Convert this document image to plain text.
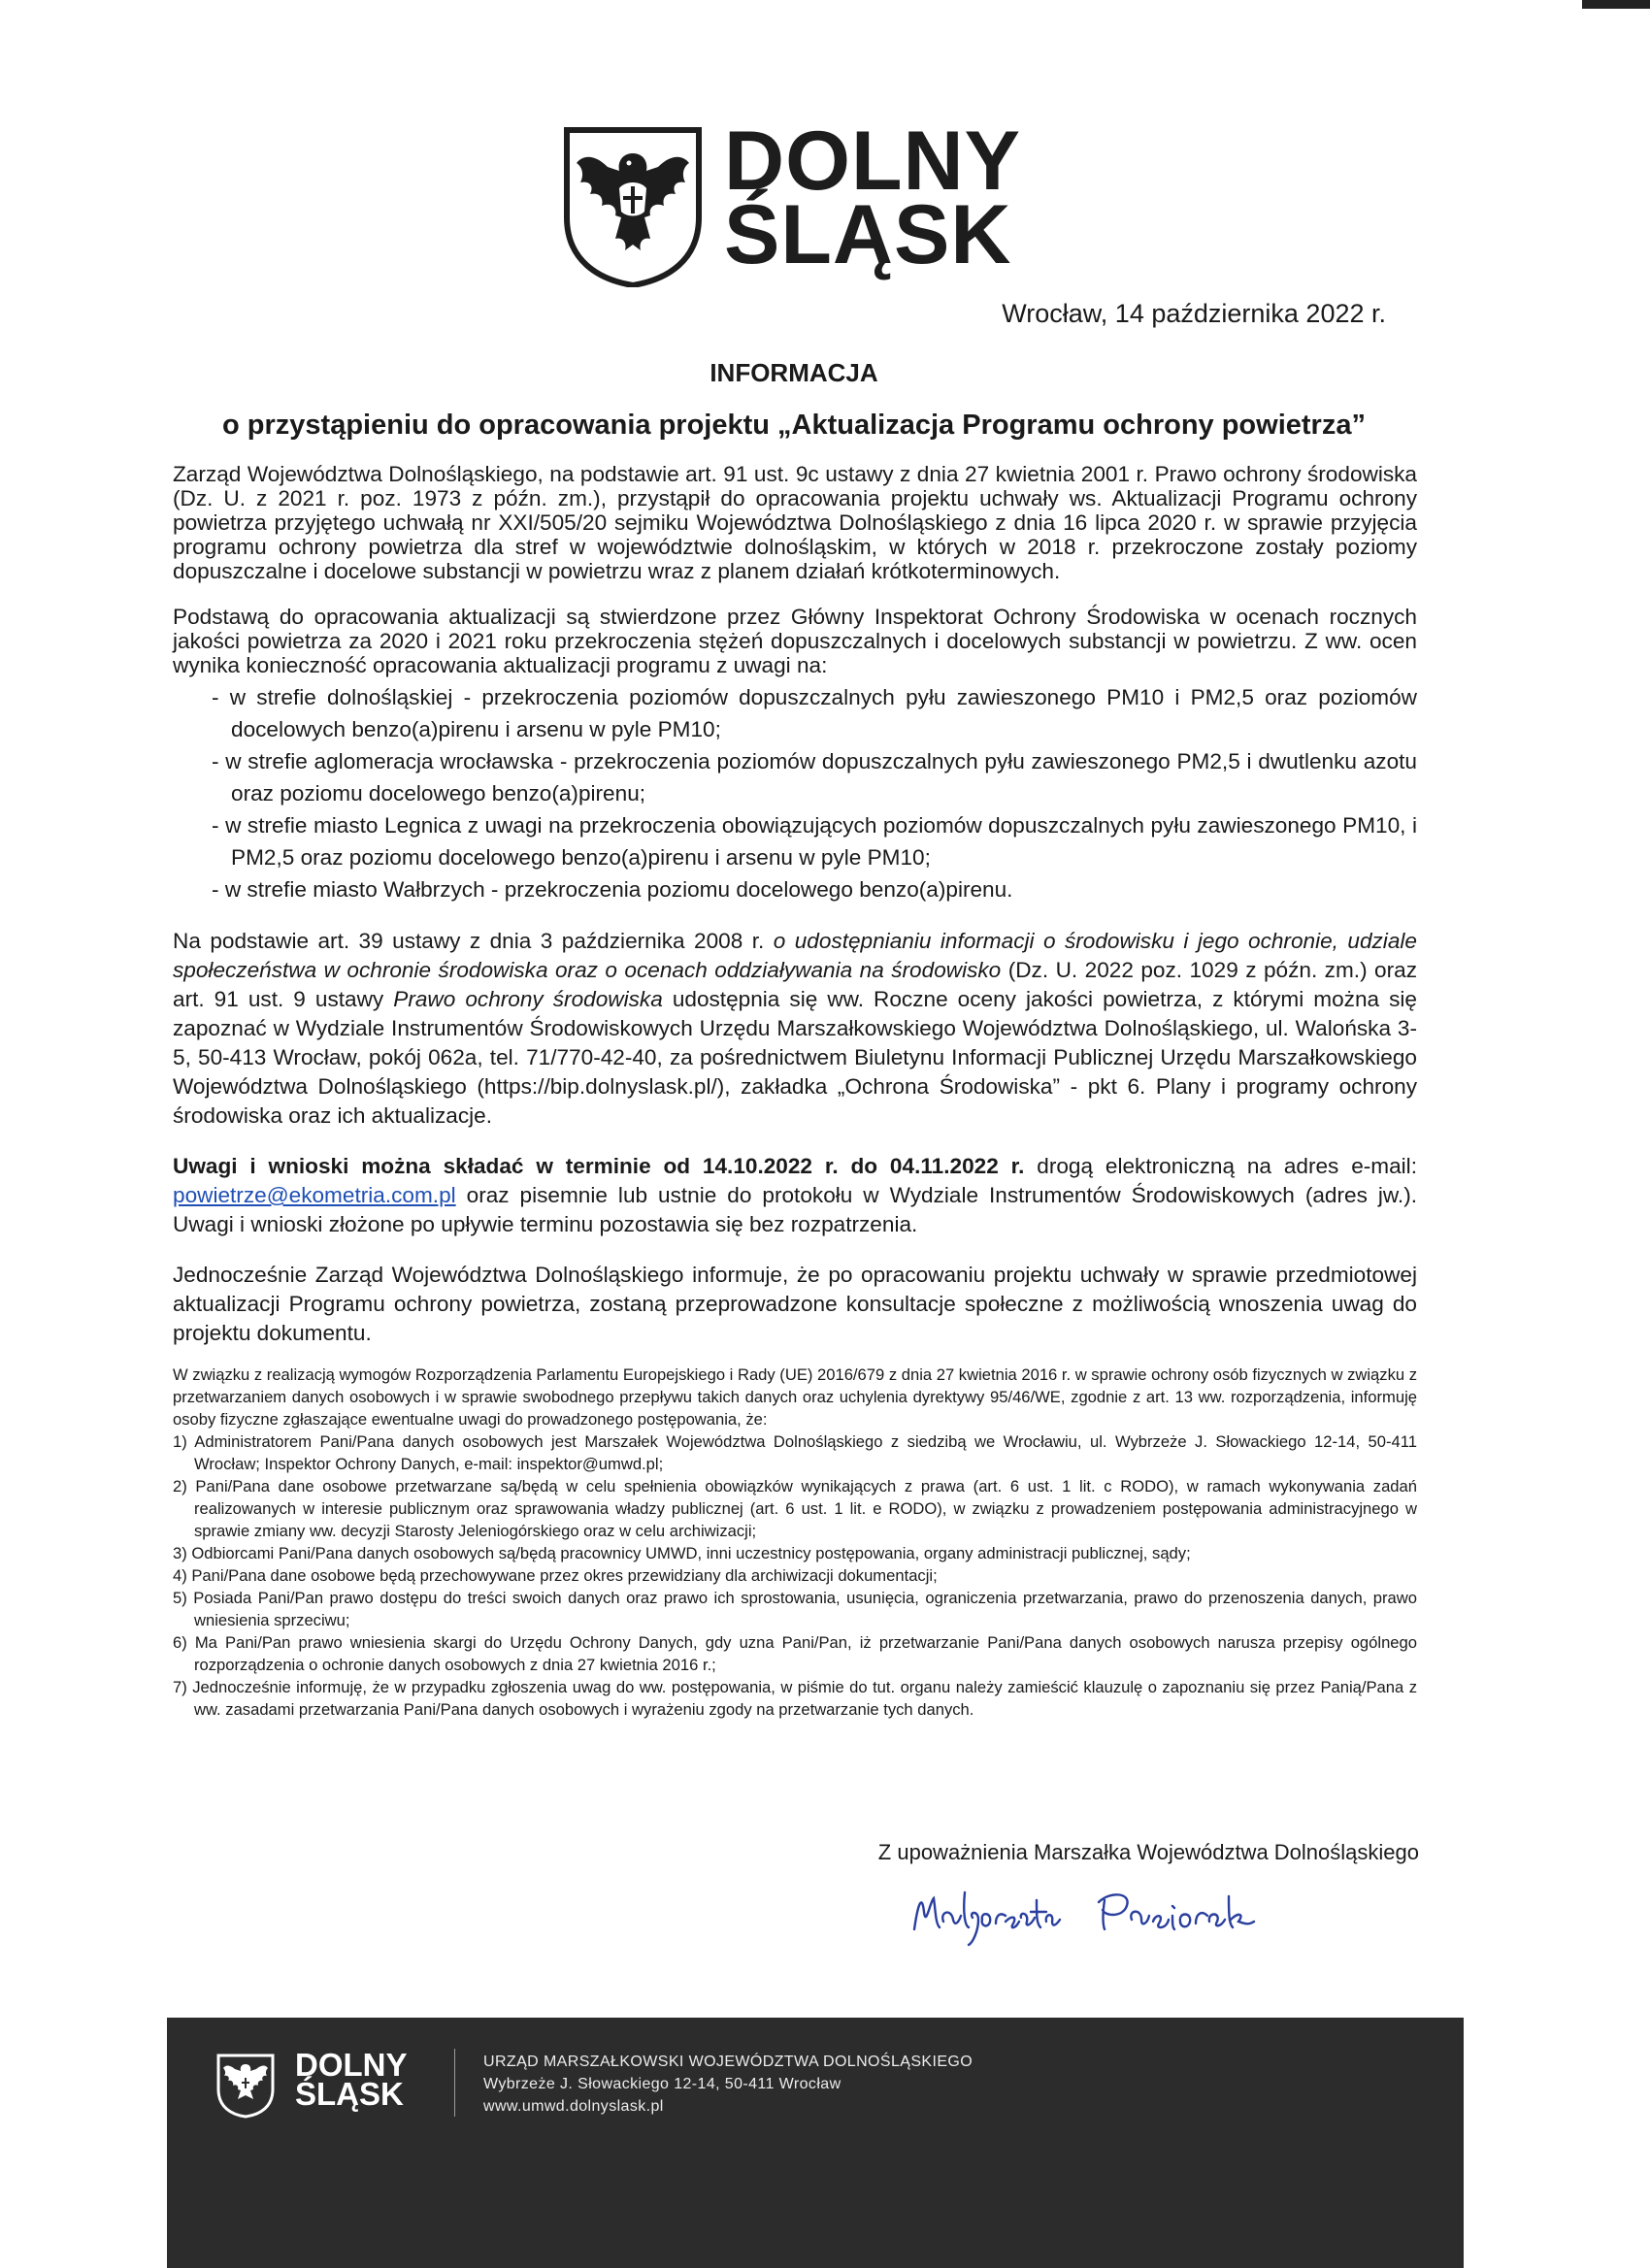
DOLNY
ŚLĄSK
Wrocław, 14 października 2022 r.
INFORMACJA
o przystąpieniu do opracowania projektu „Aktualizacja Programu ochrony powietrza”

Zarząd Województwa Dolnośląskiego, na podstawie art. 91 ust. 9c ustawy z dnia 27 kwietnia 2001 r. Prawo ochrony środowiska (Dz. U. z 2021 r. poz. 1973 z późn. zm.), przystąpił do opracowania projektu uchwały ws. Aktualizacji Programu ochrony powietrza przyjętego uchwałą nr XXI/505/20 sejmiku Województwa Dolnośląskiego z dnia 16 lipca 2020 r. w sprawie przyjęcia programu ochrony powietrza dla stref w województwie dolnośląskim, w których w 2018 r. przekroczone zostały poziomy dopuszczalne i docelowe substancji w powietrzu wraz z planem działań krótkoterminowych.

Podstawą do opracowania aktualizacji są stwierdzone przez Główny Inspektorat Ochrony Środowiska w ocenach rocznych jakości powietrza za 2020 i 2021 roku przekroczenia stężeń dopuszczalnych i docelowych substancji w powietrzu. Z ww. ocen wynika konieczność opracowania aktualizacji programu z uwagi na:

- w strefie dolnośląskiej - przekroczenia poziomów dopuszczalnych pyłu zawieszonego PM10 i PM2,5 oraz poziomów docelowych benzo(a)pirenu i arsenu w pyle PM10;
- w strefie aglomeracja wrocławska - przekroczenia poziomów dopuszczalnych pyłu zawieszonego PM2,5 i dwutlenku azotu oraz poziomu docelowego benzo(a)pirenu;
- w strefie miasto Legnica z uwagi na przekroczenia obowiązujących poziomów dopuszczalnych pyłu zawieszonego PM10, i PM2,5 oraz poziomu docelowego benzo(a)pirenu i arsenu w pyle PM10;
- w strefie miasto Wałbrzych - przekroczenia poziomu docelowego benzo(a)pirenu.

Na podstawie art. 39 ustawy z dnia 3 października 2008 r. o udostępnianiu informacji o środowisku i jego ochronie, udziale społeczeństwa w ochronie środowiska oraz o ocenach oddziaływania na środowisko (Dz. U. 2022 poz. 1029 z późn. zm.) oraz art. 91 ust. 9 ustawy Prawo ochrony środowiska udostępnia się ww. Roczne oceny jakości powietrza, z którymi można się zapoznać w Wydziale Instrumentów Środowiskowych Urzędu Marszałkowskiego Województwa Dolnośląskiego, ul. Walońska 3-5, 50-413 Wrocław, pokój 062a, tel. 71/770-42-40, za pośrednictwem Biuletynu Informacji Publicznej Urzędu Marszałkowskiego Województwa Dolnośląskiego (https://bip.dolnyslask.pl/), zakładka „Ochrona Środowiska” - pkt 6. Plany i programy ochrony środowiska oraz ich aktualizacje.

Uwagi i wnioski można składać w terminie od 14.10.2022 r. do 04.11.2022 r. drogą elektroniczną na adres e-mail: powietrze@ekometria.com.pl oraz pisemnie lub ustnie do protokołu w Wydziale Instrumentów Środowiskowych (adres jw.). Uwagi i wnioski złożone po upływie terminu pozostawia się bez rozpatrzenia.

Jednocześnie Zarząd Województwa Dolnośląskiego informuje, że po opracowaniu projektu uchwały w sprawie przedmiotowej aktualizacji Programu ochrony powietrza, zostaną przeprowadzone konsultacje społeczne z możliwością wnoszenia uwag do projektu dokumentu.

W związku z realizacją wymogów Rozporządzenia Parlamentu Europejskiego i Rady (UE) 2016/679 z dnia 27 kwietnia 2016 r. w sprawie ochrony osób fizycznych w związku z przetwarzaniem danych osobowych i w sprawie swobodnego przepływu takich danych oraz uchylenia dyrektywy 95/46/WE, zgodnie z art. 13 ww. rozporządzenia, informuję osoby fizyczne zgłaszające ewentualne uwagi do prowadzonego postępowania, że:

1) Administratorem Pani/Pana danych osobowych jest Marszałek Województwa Dolnośląskiego z siedzibą we Wrocławiu, ul. Wybrzeże J. Słowackiego 12-14, 50-411 Wrocław; Inspektor Ochrony Danych, e-mail: inspektor@umwd.pl;
2) Pani/Pana dane osobowe przetwarzane są/będą w celu spełnienia obowiązków wynikających z prawa (art. 6 ust. 1 lit. c RODO), w ramach wykonywania zadań realizowanych w interesie publicznym oraz sprawowania władzy publicznej (art. 6 ust. 1 lit. e RODO), w związku z prowadzeniem postępowania administracyjnego w sprawie zmiany ww. decyzji Starosty Jeleniogórskiego oraz w celu archiwizacji;
3) Odbiorcami Pani/Pana danych osobowych są/będą pracownicy UMWD, inni uczestnicy postępowania, organy administracji publicznej, sądy;
4) Pani/Pana dane osobowe będą przechowywane przez okres przewidziany dla archiwizacji dokumentacji;
5) Posiada Pani/Pan prawo dostępu do treści swoich danych oraz prawo ich sprostowania, usunięcia, ograniczenia przetwarzania, prawo do przenoszenia danych, prawo wniesienia sprzeciwu;
6) Ma Pani/Pan prawo wniesienia skargi do Urzędu Ochrony Danych, gdy uzna Pani/Pan, iż przetwarzanie Pani/Pana danych osobowych narusza przepisy ogólnego rozporządzenia o ochronie danych osobowych z dnia 27 kwietnia 2016 r.;
7) Jednocześnie informuję, że w przypadku zgłoszenia uwag do ww. postępowania, w piśmie do tut. organu należy zamieścić klauzulę o zapoznaniu się przez Panią/Pana z ww. zasadami przetwarzania Pani/Pana danych osobowych i wyrażeniu zgody na przetwarzanie tych danych.
Z upoważnienia Marszałka Województwa Dolnośląskiego
DOLNY
ŚLĄSK
URZĄD MARSZAŁKOWSKI WOJEWÓDZTWA DOLNOŚLĄSKIEGO
Wybrzeże J. Słowackiego 12-14, 50-411 Wrocław
www.umwd.dolnyslask.pl
